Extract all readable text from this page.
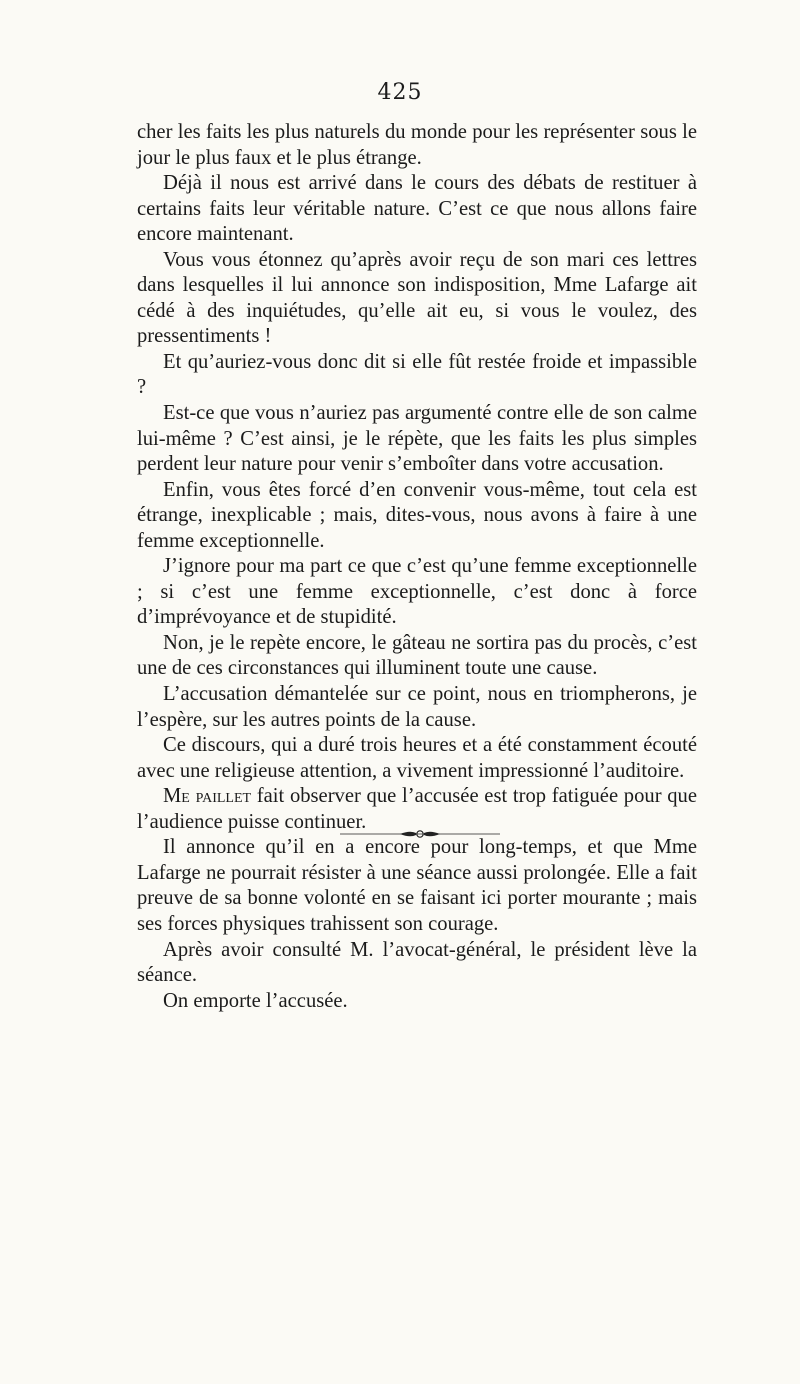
425

cher les faits les plus naturels du monde pour les représenter sous le jour le plus faux et le plus étrange.

Déjà il nous est arrivé dans le cours des débats de restituer à certains faits leur véritable nature. C’est ce que nous allons faire encore maintenant.

Vous vous étonnez qu’après avoir reçu de son mari ces lettres dans lesquelles il lui annonce son indisposition, Mme Lafarge ait cédé à des inquiétudes, qu’elle ait eu, si vous le voulez, des pressentiments !

Et qu’auriez-vous donc dit si elle fût restée froide et impassible ?

Est-ce que vous n’auriez pas argumenté contre elle de son calme lui-même ? C’est ainsi, je le répète, que les faits les plus simples perdent leur nature pour venir s’emboîter dans votre accusation.

Enfin, vous êtes forcé d’en convenir vous-même, tout cela est étrange, inexplicable ; mais, dites-vous, nous avons à faire à une femme exceptionnelle.

J’ignore pour ma part ce que c’est qu’une femme exceptionnelle ; si c’est une femme exceptionnelle, c’est donc à force d’imprévoyance et de stupidité.

Non, je le repète encore, le gâteau ne sortira pas du procès, c’est une de ces circonstances qui illuminent toute une cause.

L’accusation démantelée sur ce point, nous en triompherons, je l’espère, sur les autres points de la cause.

Ce discours, qui a duré trois heures et a été constamment écouté avec une religieuse attention, a vivement impressionné l’auditoire.

Me paillet fait observer que l’accusée est trop fatiguée pour que l’audience puisse continuer.

Il annonce qu’il en a encore pour long-temps, et que Mme Lafarge ne pourrait résister à une séance aussi prolongée. Elle a fait preuve de sa bonne volonté en se faisant ici porter mourante ; mais ses forces physiques trahissent son courage.

Après avoir consulté M. l’avocat-général, le président lève la séance.

On emporte l’accusée.
